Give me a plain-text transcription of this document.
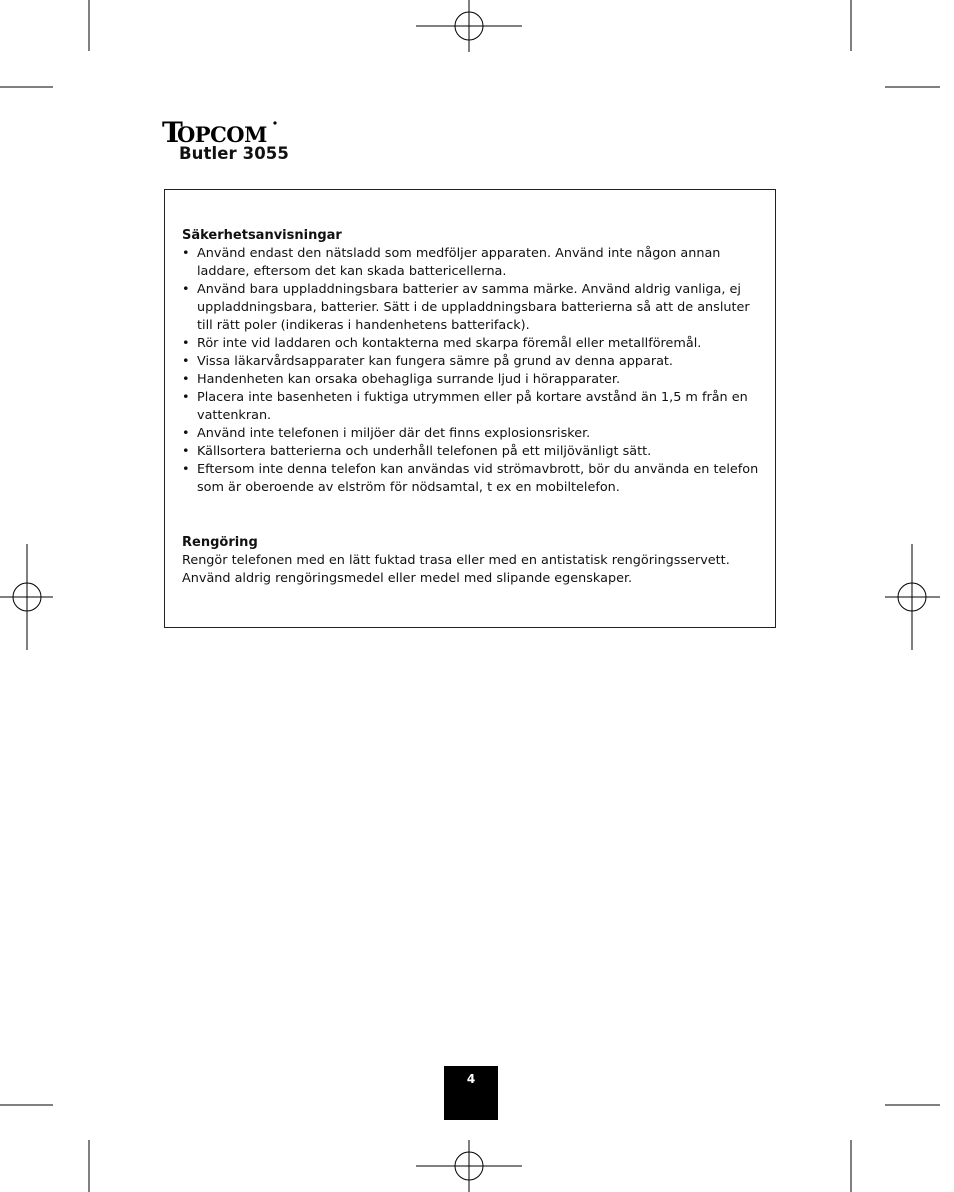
T
OPCOM
Butler 3055
Säkerhetsanvisningar
• Använd endast den nätsladd som medföljer apparaten. Använd inte någon annan laddare, eftersom det kan skada battericellerna.
• Använd bara uppladdningsbara batterier av samma märke. Använd aldrig vanliga, ej uppladdningsbara, batterier. Sätt i de uppladdningsbara batterierna så att de ansluter till rätt poler (indikeras i handenhetens batterifack).
• Rör inte vid laddaren och kontakterna med skarpa föremål eller metallföremål.
• Vissa läkarvårdsapparater kan fungera sämre på grund av denna apparat.
• Handenheten kan orsaka obehagliga surrande ljud i hörapparater.
• Placera inte basenheten i fuktiga utrymmen eller på kortare avstånd än 1,5 m från en vattenkran.
• Använd inte telefonen i miljöer där det finns explosionsrisker.
• Källsortera batterierna och underhåll telefonen på ett miljövänligt sätt.
• Eftersom inte denna telefon kan användas vid strömavbrott, bör du använda en telefon som är oberoende av elström för nödsamtal, t ex en mobiltelefon.
Rengöring

Rengör telefonen med en lätt fuktad trasa eller med en antistatisk rengöringsservett. Använd aldrig rengöringsmedel eller medel med slipande egenskaper.

4
